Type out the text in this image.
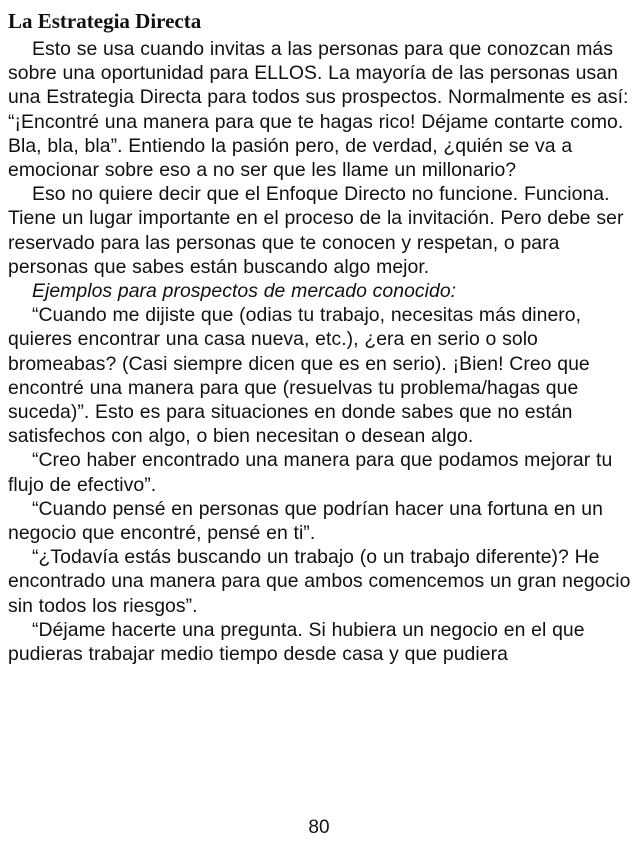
La Estrategia Directa

Esto se usa cuando invitas a las personas para que conozcan más sobre una oportunidad para ELLOS. La mayoría de las personas usan una Estrategia Directa para todos sus prospectos. Normalmente es así: “¡Encontré una manera para que te hagas rico! Déjame contarte como. Bla, bla, bla”. Entiendo la pasión pero, de verdad, ¿quién se va a emocionar sobre eso a no ser que les llame un millonario?

Eso no quiere decir que el Enfoque Directo no funcione. Funciona. Tiene un lugar importante en el proceso de la invitación. Pero debe ser reservado para las personas que te conocen y respetan, o para personas que sabes están buscando algo mejor.

Ejemplos para prospectos de mercado conocido:

“Cuando me dijiste que (odias tu trabajo, necesitas más dinero, quieres encontrar una casa nueva, etc.), ¿era en serio o solo bromeabas? (Casi siempre dicen que es en serio). ¡Bien! Creo que encontré una manera para que (resuelvas tu problema/hagas que suceda)”. Esto es para situaciones en donde sabes que no están satisfechos con algo, o bien necesitan o desean algo.

“Creo haber encontrado una manera para que podamos mejorar tu flujo de efectivo”.

“Cuando pensé en personas que podrían hacer una fortuna en un negocio que encontré, pensé en ti”.

“¿Todavía estás buscando un trabajo (o un trabajo diferente)? He encontrado una manera para que ambos comencemos un gran negocio sin todos los riesgos”.

“Déjame hacerte una pregunta. Si hubiera un negocio en el que pudieras trabajar medio tiempo desde casa y que pudiera

80
